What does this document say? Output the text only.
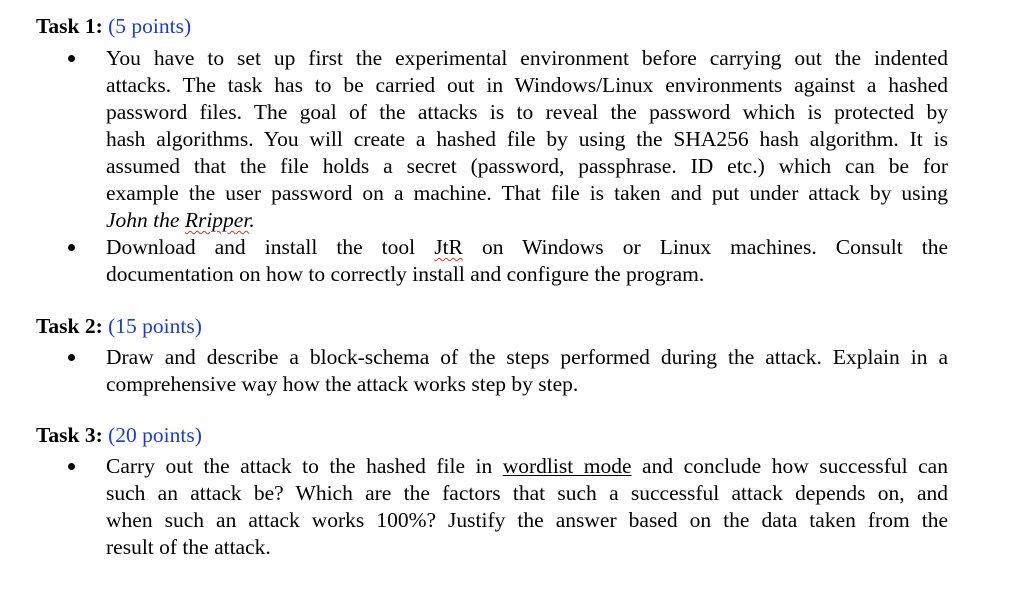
Task 1: (5 points)
You have to set up first the experimental environment before carrying out the indented
attacks. The task has to be carried out in Windows/Linux environments against a hashed
password files. The goal of the attacks is to reveal the password which is protected by
hash algorithms. You will create a hashed file by using the SHA256 hash algorithm. It is
assumed that the file holds a secret (password, passphrase. ID etc.) which can be for
example the user password on a machine. That file is taken and put under attack by using
John the Rripper.
Download and install the tool JtR on Windows or Linux machines. Consult the
documentation on how to correctly install and configure the program.
Task 2: (15 points)
Draw and describe a block-schema of the steps performed during the attack. Explain in a
comprehensive way how the attack works step by step.
Task 3: (20 points)
Carry out the attack to the hashed file in wordlist mode and conclude how successful can
such an attack be? Which are the factors that such a successful attack depends on, and
when such an attack works 100%? Justify the answer based on the data taken from the
result of the attack.
